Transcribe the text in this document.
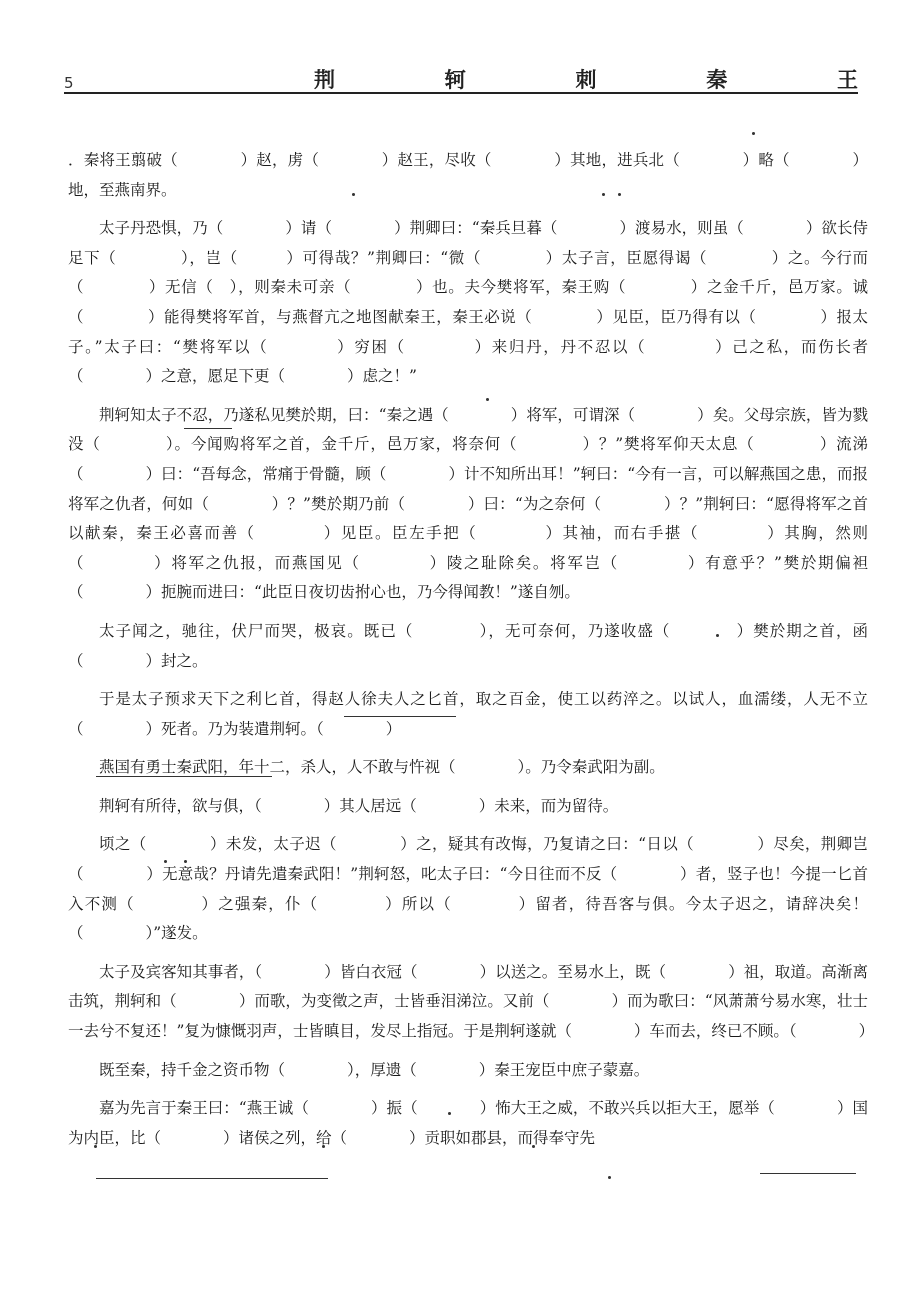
5	荆	轲	刺	秦	王

．秦将王翦破（　　　　）赵，虏（　　　　）赵王，尽收（　　　　）其地，进兵北（　　　　）略（　　　　）地，至燕南界。

太子丹恐惧，乃（　　　　）请（　　　　）荆卿曰：“秦兵旦暮（　　　　）渡易水，则虽（　　　　）欲长侍足下（　　　　），岂（　　　）可得哉？”荆卿曰：“微（　　　　）太子言，臣愿得谒（　　　　）之。今行而（　　　　）无信（　），则秦未可亲（　　　　）也。夫今樊将军，秦王购（　　　　）之金千斤，邑万家。诚（　　　　）能得樊将军首，与燕督亢之地图献秦王，秦王必说（　　　　）见臣，臣乃得有以（　　　　）报太子。”太子曰：“樊将军以（　　　　）穷困（　　　　）来归丹，丹不忍以（　　　　）己之私，而伤长者（　　　　）之意，愿足下更（　　　　）虑之！”

荆轲知太子不忍，乃遂私见樊於期，曰：“秦之遇（　　　　）将军，可谓深（　　　　）矣。父母宗族，皆为戮没（　　　　）。今闻购将军之首，金千斤，邑万家，将奈何（　　　　）？”樊将军仰天太息（　　　　）流涕（　　　　）曰：“吾每念，常痛于骨髓，顾（　　　　）计不知所出耳！”轲曰：“今有一言，可以解燕国之患，而报将军之仇者，何如（　　　　）？”樊於期乃前（　　　　）曰：“为之奈何（　　　　）？”荆轲曰：“愿得将军之首以献秦，秦王必喜而善（　　　　）见臣。臣左手把（　　　　）其袖，而右手揕（　　　　）其胸，然则（　　　　）将军之仇报，而燕国见（　　　　）陵之耻除矣。将军岂（　　　　）有意乎？”樊於期偏袒（　　　　）扼腕而进曰：“此臣日夜切齿拊心也，乃今得闻教！”遂自刎。

太子闻之，驰往，伏尸而哭，极哀。既已（　　　　），无可奈何，乃遂收盛（　　　　）樊於期之首，函（　　　　）封之。

于是太子预求天下之利匕首，得赵人徐夫人之匕首，取之百金，使工以药淬之。以试人，血濡缕，人无不立（　　　　）死者。乃为装遣荆轲。（　　　　）

燕国有勇士秦武阳，年十二，杀人，人不敢与忤视（　　　　）。乃令秦武阳为副。

荆轲有所待，欲与俱，（　　　　）其人居远（　　　　）未来，而为留待。

顷之（　　　　）未发，太子迟（　　　　）之，疑其有改悔，乃复请之曰：“日以（　　　　）尽矣，荆卿岂（　　　　）无意哉？丹请先遣秦武阳！”荆轲怒，叱太子曰：“今日往而不反（　　　　）者，竖子也！今提一匕首入不测（　　　　）之强秦，仆（　　　　）所以（　　　　）留者，待吾客与俱。今太子迟之，请辞决矣！（　　　　）”遂发。

太子及宾客知其事者，（　　　　）皆白衣冠（　　　　）以送之。至易水上，既（　　　　）祖，取道。高渐离击筑，荆轲和（　　　　）而歌，为变徵之声，士皆垂泪涕泣。又前（　　　　）而为歌曰：“风萧萧兮易水寒，壮士一去兮不复还！”复为慷慨羽声，士皆瞋目，发尽上指冠。于是荆轲遂就（　　　　）车而去，终已不顾。（　　　　）

既至秦，持千金之资币物（　　　　），厚遗（　　　　）秦王宠臣中庶子蒙嘉。

嘉为先言于秦王曰：“燕王诚（　　　　）振（　　　　）怖大王之威，不敢兴兵以拒大王，愿举（　　　　）国为内臣，比（　　　　）诸侯之列，给（　　　　）贡职如郡县，而得奉守先
